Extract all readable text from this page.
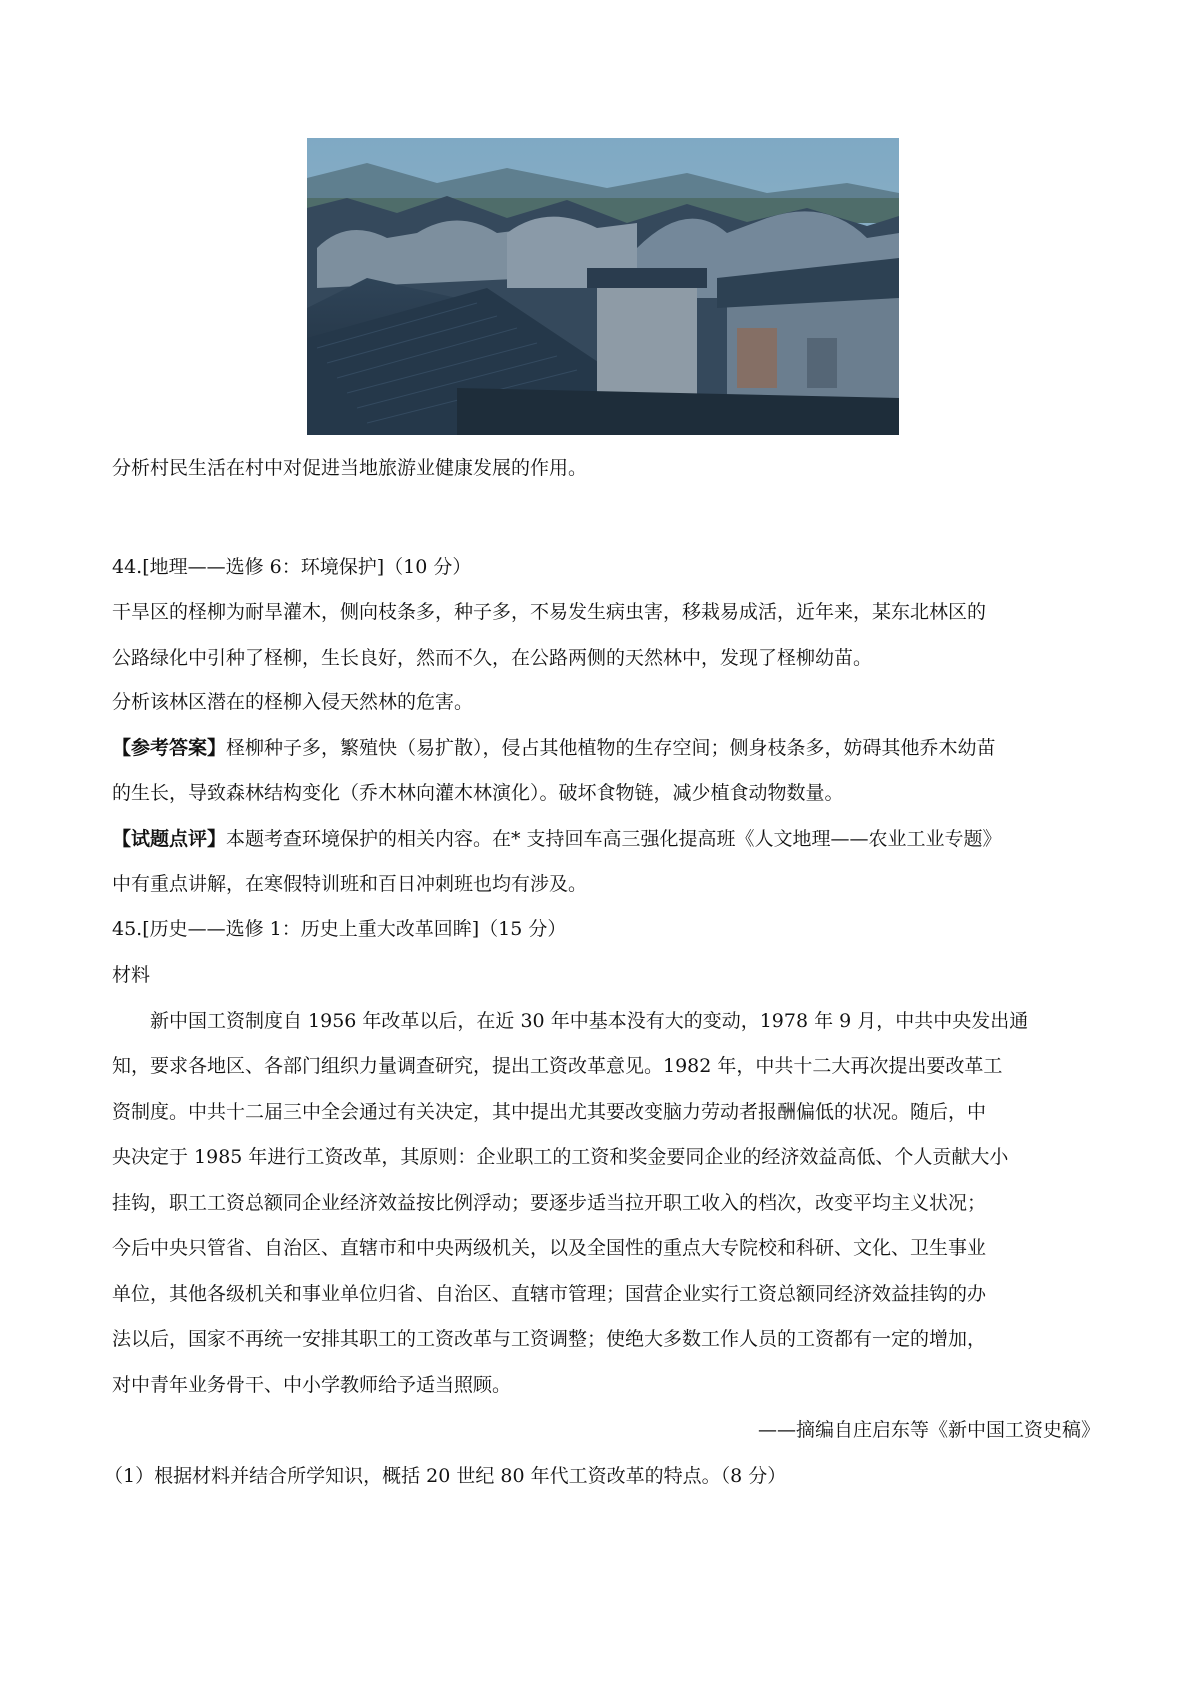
分析村民生活在村中对促进当地旅游业健康发展的作用。
44.[地理——选修 6：环境保护]（10 分）
干旱区的柽柳为耐旱灌木，侧向枝条多，种子多，不易发生病虫害，移栽易成活，近年来，某东北林区的
公路绿化中引种了柽柳，生长良好，然而不久，在公路两侧的天然林中，发现了柽柳幼苗。
分析该林区潜在的柽柳入侵天然林的危害。
【参考答案】柽柳种子多，繁殖快（易扩散），侵占其他植物的生存空间；侧身枝条多，妨碍其他乔木幼苗
的生长，导致森林结构变化（乔木林向灌木林演化）。破坏食物链，减少植食动物数量。
【试题点评】本题考查环境保护的相关内容。在* 支持回车高三强化提高班《人文地理——农业工业专题》
中有重点讲解，在寒假特训班和百日冲刺班也均有涉及。
45.[历史——选修 1：历史上重大改革回眸]（15 分）
材料
新中国工资制度自 1956 年改革以后，在近 30 年中基本没有大的变动，1978 年 9 月，中共中央发出通
知，要求各地区、各部门组织力量调查研究，提出工资改革意见。1982 年，中共十二大再次提出要改革工
资制度。中共十二届三中全会通过有关决定，其中提出尤其要改变脑力劳动者报酬偏低的状况。随后，中
央决定于 1985 年进行工资改革，其原则：企业职工的工资和奖金要同企业的经济效益高低、个人贡献大小
挂钩，职工工资总额同企业经济效益按比例浮动；要逐步适当拉开职工收入的档次，改变平均主义状况；
今后中央只管省、自治区、直辖市和中央两级机关，以及全国性的重点大专院校和科研、文化、卫生事业
单位，其他各级机关和事业单位归省、自治区、直辖市管理；国营企业实行工资总额同经济效益挂钩的办
法以后，国家不再统一安排其职工的工资改革与工资调整；使绝大多数工作人员的工资都有一定的增加，
对中青年业务骨干、中小学教师给予适当照顾。
——摘编自庄启东等《新中国工资史稿》
（1）根据材料并结合所学知识，概括 20 世纪 80 年代工资改革的特点。（8 分）
